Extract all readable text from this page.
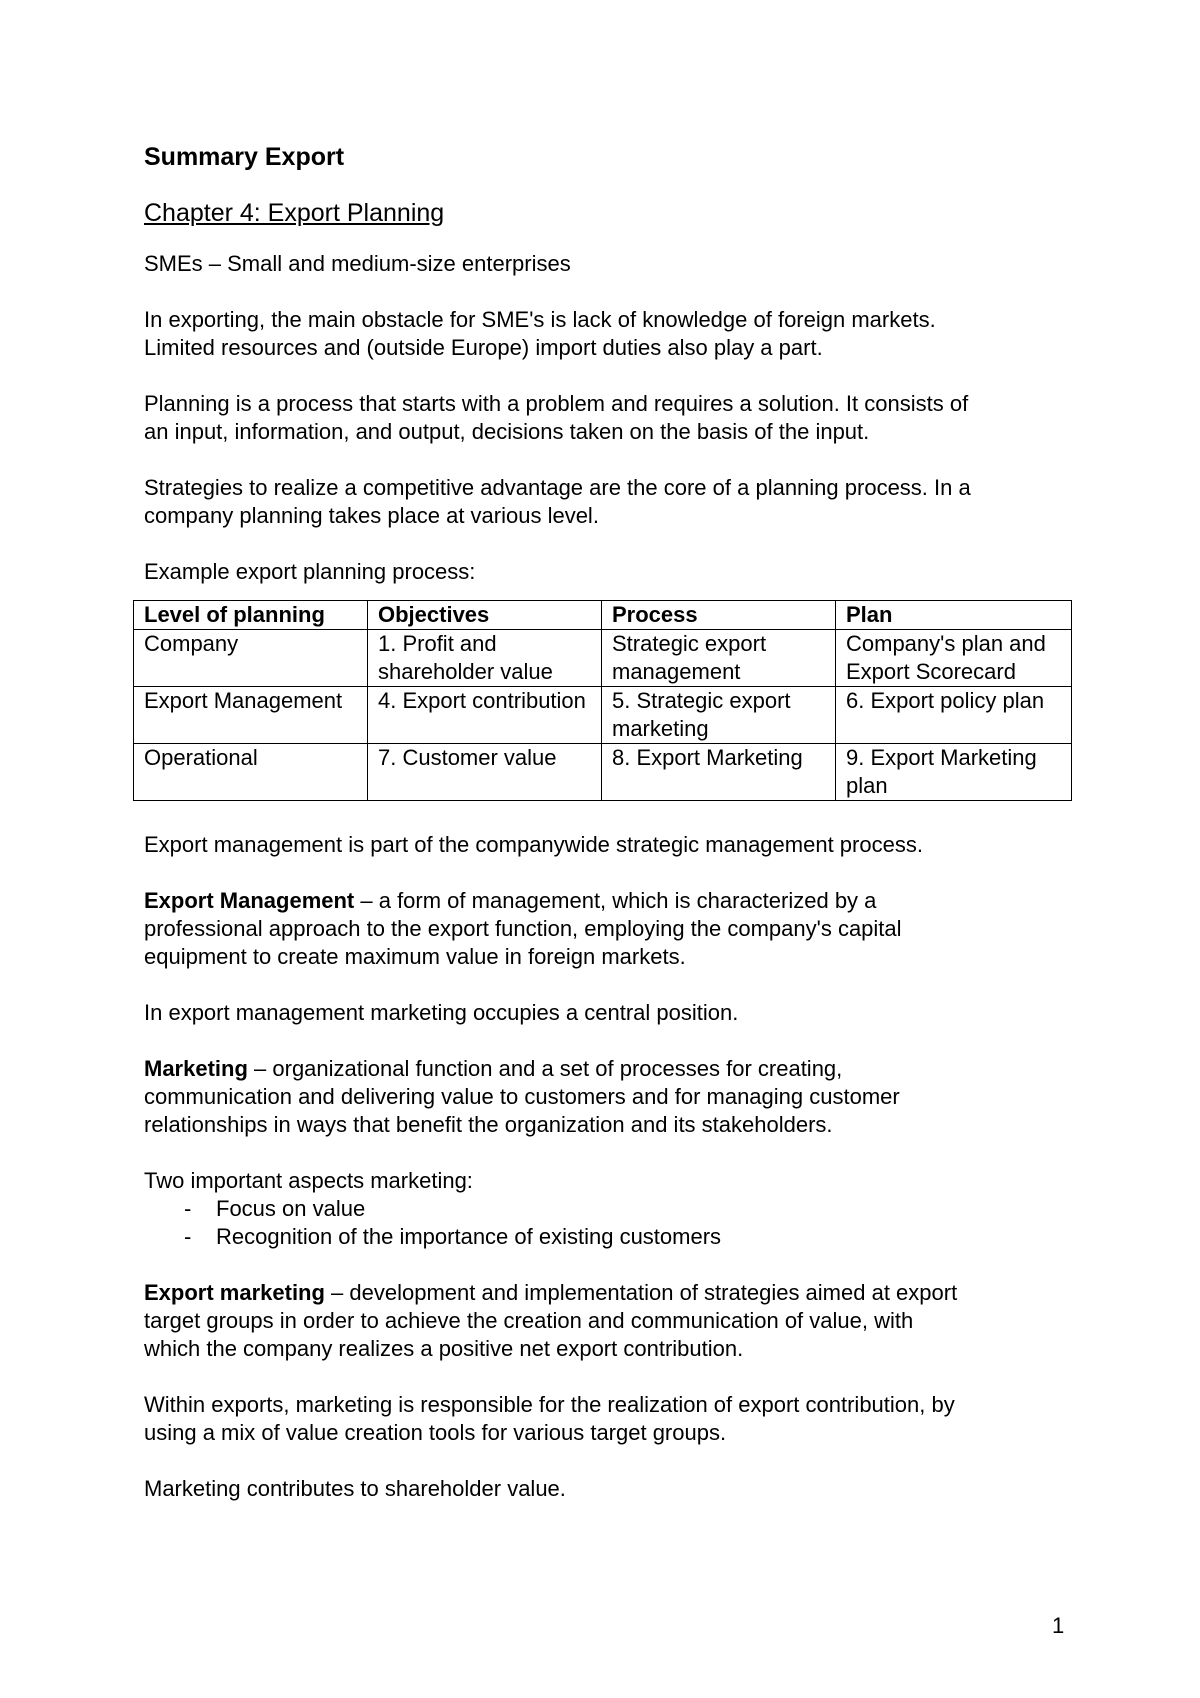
Summary Export
Chapter 4: Export Planning

SMEs – Small and medium-size enterprises

In exporting, the main obstacle for SME's is lack of knowledge of foreign markets.
Limited resources and (outside Europe) import duties also play a part.

Planning is a process that starts with a problem and requires a solution. It consists of
an input, information, and output, decisions taken on the basis of the input.

Strategies to realize a competitive advantage are the core of a planning process. In a
company planning takes place at various level.

Example export planning process:

Level of planning	Objectives	Process	Plan
Company	1. Profit and shareholder value	Strategic export management	Company's plan and Export Scorecard
Export Management	4. Export contribution	5. Strategic export marketing	6. Export policy plan
Operational	7. Customer value	8. Export Marketing	9. Export Marketing plan

Export management is part of the companywide strategic management process.

Export Management – a form of management, which is characterized by a
professional approach to the export function, employing the company's capital
equipment to create maximum value in foreign markets.

In export management marketing occupies a central position.

Marketing – organizational function and a set of processes for creating,
communication and delivering value to customers and for managing customer
relationships in ways that benefit the organization and its stakeholders.

Two important aspects marketing:
- Focus on value
- Recognition of the importance of existing customers

Export marketing – development and implementation of strategies aimed at export
target groups in order to achieve the creation and communication of value, with
which the company realizes a positive net export contribution.

Within exports, marketing is responsible for the realization of export contribution, by
using a mix of value creation tools for various target groups.

Marketing contributes to shareholder value.

1
